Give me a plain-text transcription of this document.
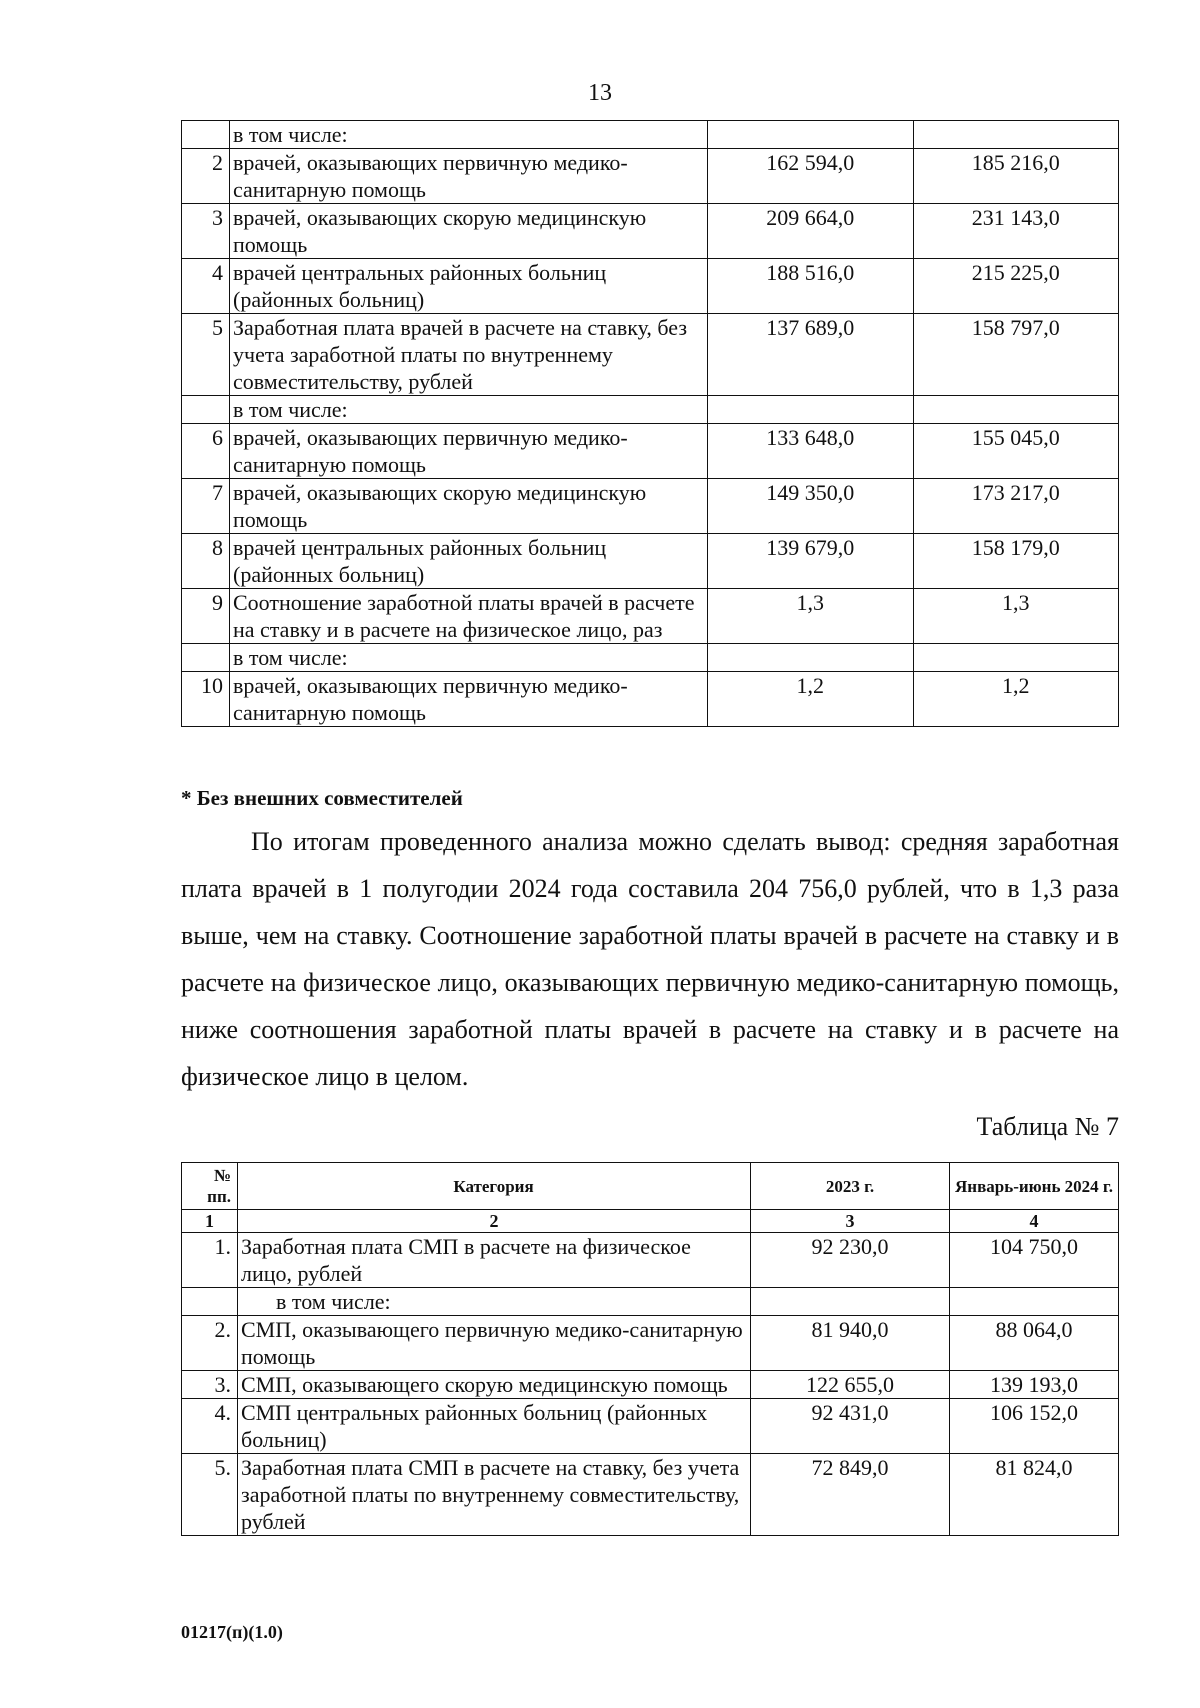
13
	в том числе:		
2	врачей, оказывающих первичную медико-санитарную помощь	162 594,0	185 216,0
3	врачей, оказывающих скорую медицинскую помощь	209 664,0	231 143,0
4	врачей центральных районных больниц (районных больниц)	188 516,0	215 225,0
5	Заработная плата врачей в расчете на ставку, без учета заработной платы по внутреннему совместительству, рублей	137 689,0	158 797,0
	в том числе:		
6	врачей, оказывающих первичную медико-санитарную помощь	133 648,0	155 045,0
7	врачей, оказывающих скорую медицинскую помощь	149 350,0	173 217,0
8	врачей центральных районных больниц (районных больниц)	139 679,0	158 179,0
9	Соотношение заработной платы врачей в расчете на ставку и в расчете на физическое лицо, раз	1,3	1,3
	в том числе:		
10	врачей, оказывающих первичную медико-санитарную помощь	1,2	1,2
* Без внешних совместителей
По итогам проведенного анализа можно сделать вывод: средняя заработная плата врачей в 1 полугодии 2024 года составила 204 756,0 рублей, что в 1,3 раза выше, чем на ставку. Соотношение заработной платы врачей в расчете на ставку и в расчете на физическое лицо, оказывающих первичную медико-санитарную помощь, ниже соотношения заработной платы врачей в расчете на ставку и в расчете на физическое лицо в целом.
Таблица № 7
№ пп.	Категория	2023 г.	Январь-июнь 2024 г.
1	2	3	4
1.	Заработная плата СМП в расчете на физическое лицо, рублей	92 230,0	104 750,0
	в том числе:		
2.	СМП, оказывающего первичную медико-санитарную помощь	81 940,0	88 064,0
3.	СМП, оказывающего скорую медицинскую помощь	122 655,0	139 193,0
4.	СМП центральных районных больниц (районных больниц)	92 431,0	106 152,0
5.	Заработная плата СМП в расчете на ставку, без учета заработной платы по внутреннему совместительству, рублей	72 849,0	81 824,0
01217(п)(1.0)
